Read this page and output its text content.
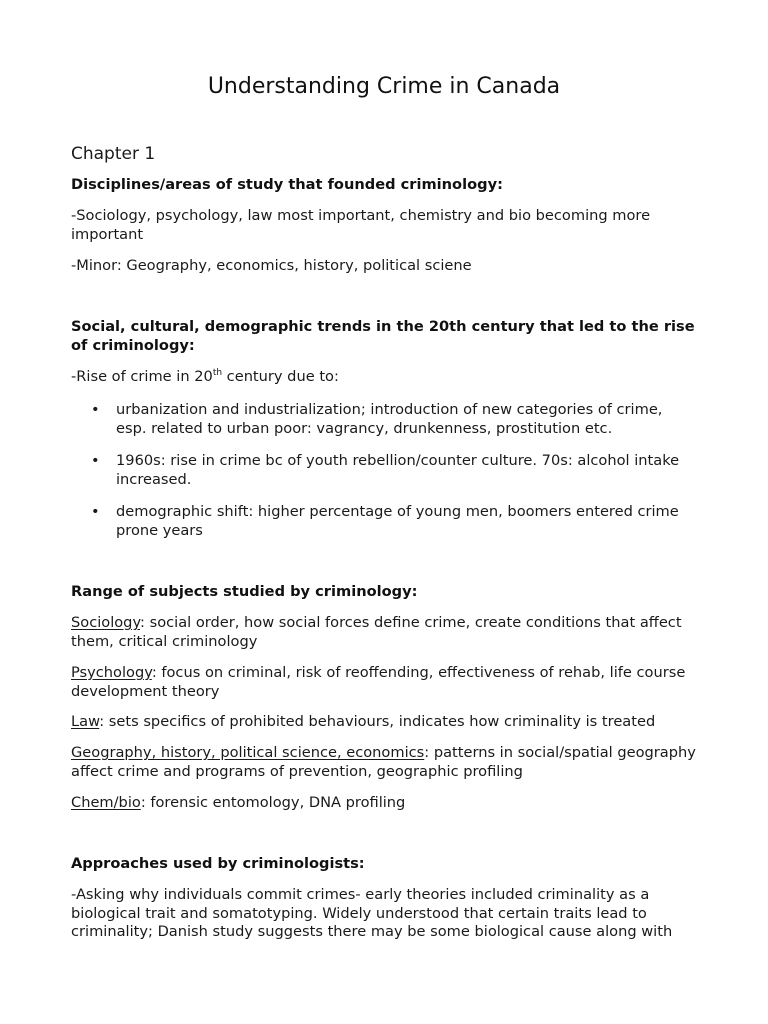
Understanding Crime in Canada
Chapter 1
Disciplines/areas of study that founded criminology:
-Sociology, psychology, law most important, chemistry and bio becoming more important
-Minor: Geography, economics, history, political sciene
Social, cultural, demographic trends in the 20th century that led to the rise of criminology:
-Rise of crime in 20th century due to:
•	urbanization and industrialization; introduction of new categories of crime, esp. related to urban poor: vagrancy, drunkenness, prostitution etc.
•	1960s: rise in crime bc of youth rebellion/counter culture. 70s: alcohol intake increased.
•	demographic shift: higher percentage of young men, boomers entered crime prone years
Range of subjects studied by criminology:
Sociology: social order, how social forces define crime, create conditions that affect them, critical criminology
Psychology: focus on criminal, risk of reoffending, effectiveness of rehab, life course development theory
Law: sets specifics of prohibited behaviours, indicates how criminality is treated
Geography, history, political science, economics: patterns in social/spatial geography affect crime and programs of prevention, geographic profiling
Chem/bio: forensic entomology, DNA profiling
Approaches used by criminologists:
-Asking why individuals commit crimes- early theories included criminality as a biological trait and somatotyping. Widely understood that certain traits lead to criminality; Danish study suggests there may be some biological cause along with
